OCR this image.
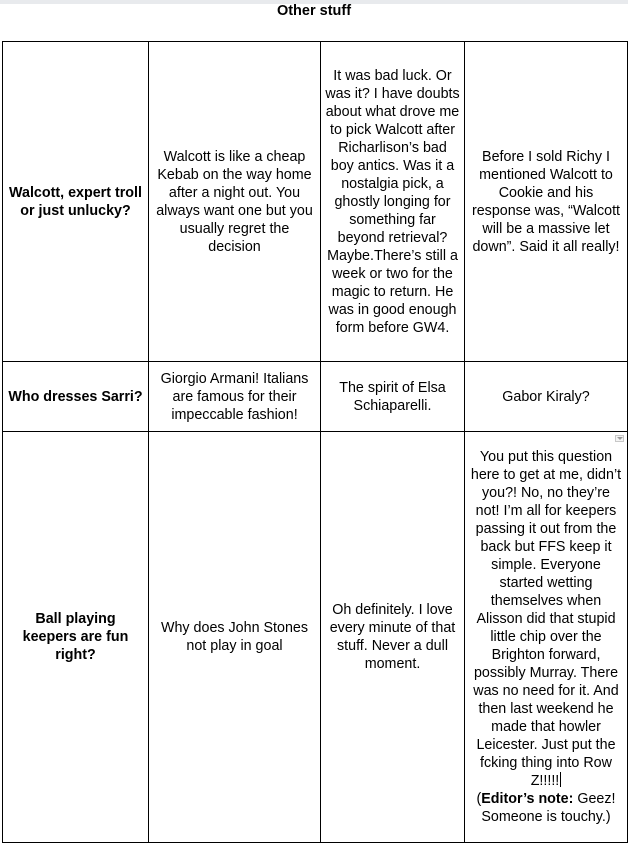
Other stuff
Walcott, expert troll or just unlucky?	Walcott is like a cheap Kebab on the way home after a night out. You always want one but you usually regret the decision	It was bad luck. Or was it? I have doubts about what drove me to pick Walcott after Richarlison’s bad boy antics. Was it a nostalgia pick, a ghostly longing for something far beyond retrieval? Maybe.There’s still a week or two for the magic to return. He was in good enough form before GW4.	Before I sold Richy I mentioned Walcott to Cookie and his response was, “Walcott will be a massive let down”. Said it all really!
Who dresses Sarri?	Giorgio Armani! Italians are famous for their impeccable fashion!	The spirit of Elsa Schiaparelli.	Gabor Kiraly?
Ball playing keepers are fun right?	Why does John Stones not play in goal	Oh definitely. I love every minute of that stuff. Never a dull moment.	You put this question here to get at me, didn’t you?! No, no they’re not! I’m all for keepers passing it out from the back but FFS keep it simple. Everyone started wetting themselves when Alisson did that stupid little chip over the Brighton forward, possibly Murray. There was no need for it. And then last weekend he made that howler Leicester. Just put the fcking thing into Row Z!!!!!
(Editor’s note: Geez! Someone is touchy.)
